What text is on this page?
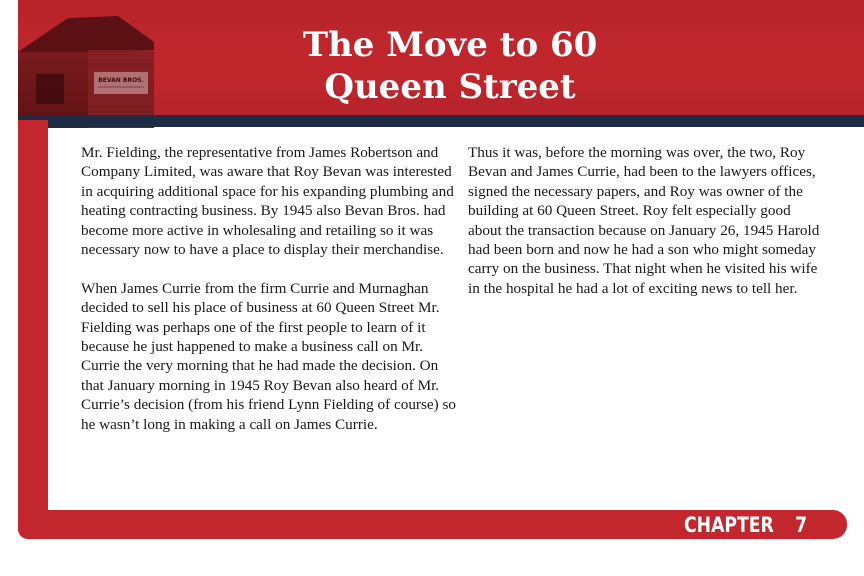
BEVAN BROS.
The Move to 60
Queen Street

Mr. Fielding, the representative from James Robertson and Company Limited, was aware that Roy Bevan was interested in acquiring additional space for his expanding plumbing and heating contracting business. By 1945 also Bevan Bros. had become more active in wholesaling and retailing so it was necessary now to have a place to display their merchandise.

When James Currie from the firm Currie and Murnaghan decided to sell his place of business at 60 Queen Street Mr. Fielding was perhaps one of the first people to learn of it because he just happened to make a business call on Mr. Currie the very morning that he had made the decision. On that January morning in 1945 Roy Bevan also heard of Mr. Currie’s decision (from his friend Lynn Fielding of course) so he wasn’t long in making a call on James Currie.

Thus it was, before the morning was over, the two, Roy Bevan and James Currie, had been to the lawyers offices, signed the necessary papers, and Roy was owner of the building at 60 Queen Street. Roy felt especially good about the transaction because on January 26, 1945 Harold had been born and now he had a son who might someday carry on the business. That night when he visited his wife in the hospital he had a lot of exciting news to tell her.

CHAPTER 7
